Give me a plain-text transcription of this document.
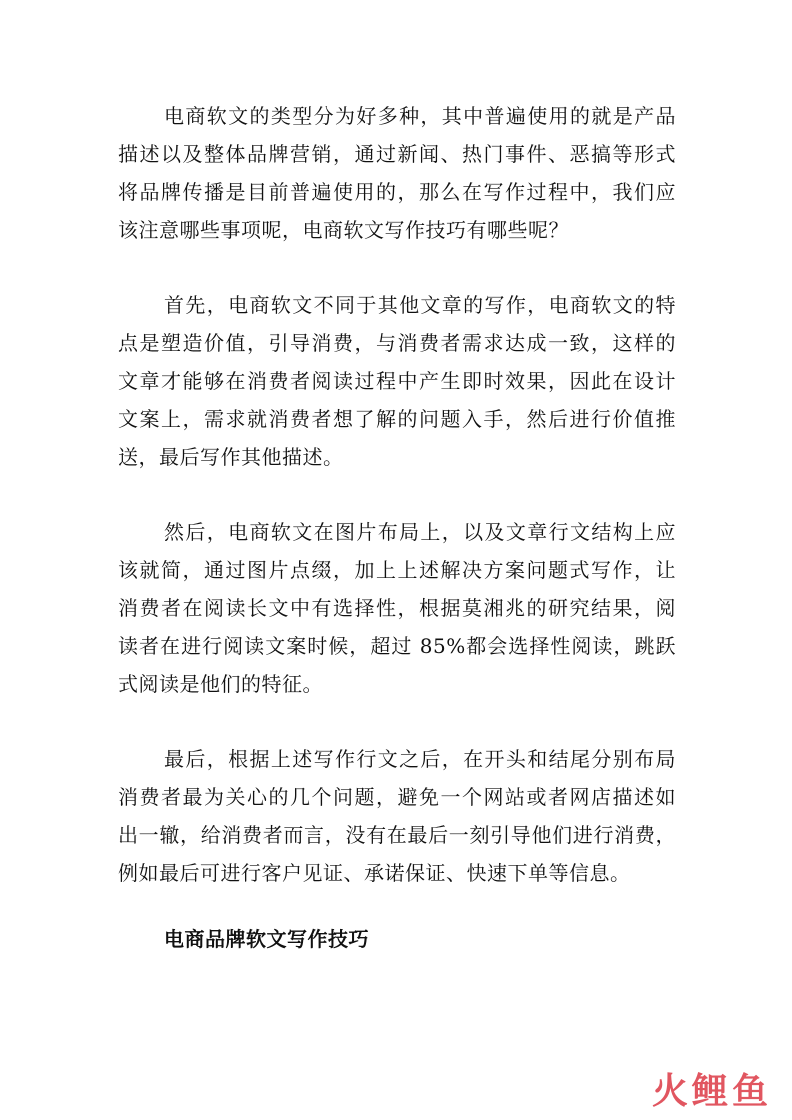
电商软文的类型分为好多种，其中普遍使用的就是产品
描述以及整体品牌营销，通过新闻、热门事件、恶搞等形式
将品牌传播是目前普遍使用的，那么在写作过程中，我们应
该注意哪些事项呢，电商软文写作技巧有哪些呢？
首先，电商软文不同于其他文章的写作，电商软文的特
点是塑造价值，引导消费，与消费者需求达成一致，这样的
文章才能够在消费者阅读过程中产生即时效果，因此在设计
文案上，需求就消费者想了解的问题入手，然后进行价值推
送，最后写作其他描述。
然后，电商软文在图片布局上，以及文章行文结构上应
该就简，通过图片点缀，加上上述解决方案问题式写作，让
消费者在阅读长文中有选择性，根据莫湘兆的研究结果，阅
读者在进行阅读文案时候，超过 85%都会选择性阅读，跳跃
式阅读是他们的特征。
最后，根据上述写作行文之后，在开头和结尾分别布局
消费者最为关心的几个问题，避免一个网站或者网店描述如
出一辙，给消费者而言，没有在最后一刻引导他们进行消费，
例如最后可进行客户见证、承诺保证、快速下单等信息。
电商品牌软文写作技巧
火 鲤 鱼
